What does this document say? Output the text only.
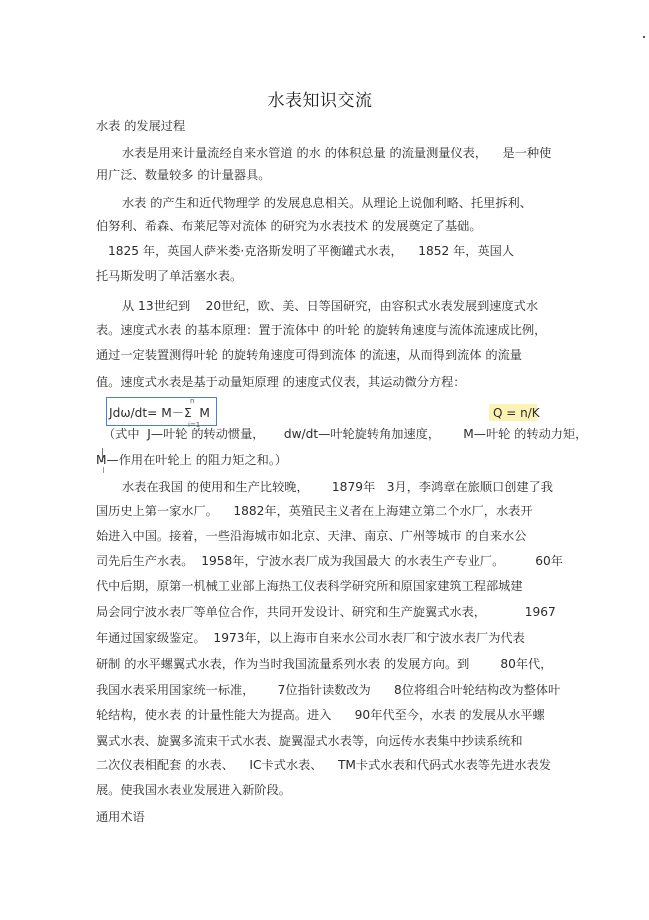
水表知识交流
水表 的发展过程
水表是用来计量流经自来水管道 的水 的体积总量 的流量测量仪表，    是一种使
用广泛、数量较多 的计量器具。
水表 的产生和近代物理学 的发展息息相关。从理论上说伽利略、托里拆利、
伯努利、希森、布莱尼等对流体 的研究为水表技术 的发展奠定了基础。
1825 年，英国人萨米娄·克洛斯发明了平衡罐式水表，    1852 年，英国人
托马斯发明了单活塞水表。
从 13世纪到    20世纪，欧、美、日等国研究，由容积式水表发展到速度式水
表。速度式水表 的基本原理：置于流体中 的叶轮 的旋转角速度与流体流速成比例，
通过一定装置测得叶轮 的旋转角速度可得到流体 的流速，从而得到流体 的流量
值。速度式水表是基于动量矩原理 的速度式仪表，其运动微分方程：
n
Jdω/dt= M－Σ  M
i=1
Q = n/K
（式中  J—叶轮 的转动惯量，     dw/dt—叶轮旋转角加速度，      M—叶轮 的转动力矩，
M—作用在叶轮上 的阻力矩之和。）
水表在我国 的使用和生产比较晚，      1879年   3月，李鸿章在旅顺口创建了我
国历史上第一家水厂。    1882年，英殖民主义者在上海建立第二个水厂，水表开
始进入中国。接着，一些沿海城市如北京、天津、南京、广州等城市 的自来水公
司先后生产水表。  1958年，宁波水表厂成为我国最大 的水表生产专业厂。        60年
代中后期，原第一机械工业部上海热工仪表科学研究所和原国家建筑工程部城建
局会同宁波水表厂等单位合作，共同开发设计、研究和生产旋翼式水表，          1967
年通过国家级鉴定。  1973年，以上海市自来水公司水表厂和宁波水表厂为代表
研制 的水平螺翼式水表，作为当时我国流量系列水表 的发展方向。到        80年代，
我国水表采用国家统一标准，      7位指针读数改为      8位将组合叶轮结构改为整体叶
轮结构，使水表 的计量性能大为提高。进入      90年代至今，水表 的发展从水平螺
翼式水表、旋翼多流束干式水表、旋翼湿式水表等，向远传水表集中抄读系统和
二次仪表相配套 的水表、    IC卡式水表、    TM卡式水表和代码式水表等先进水表发
展。使我国水表业发展进入新阶段。
通用术语
